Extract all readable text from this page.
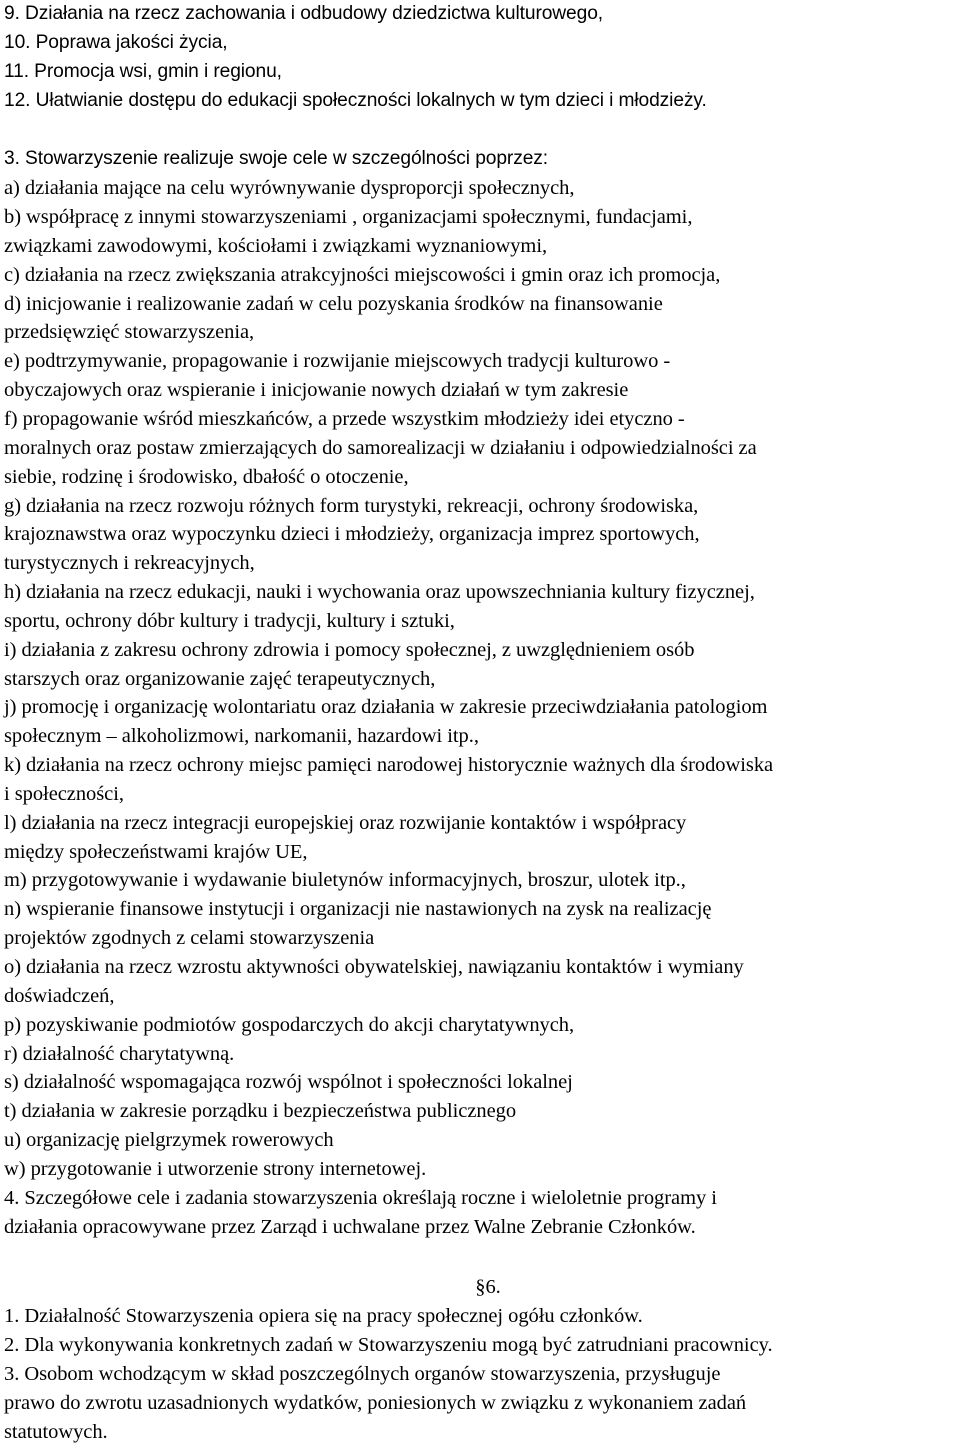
9. Działania na rzecz zachowania i odbudowy dziedzictwa kulturowego,
10. Poprawa jakości życia,
11. Promocja wsi, gmin i regionu,
12. Ułatwianie dostępu do edukacji społeczności lokalnych w tym dzieci i młodzieży.
3. Stowarzyszenie realizuje swoje cele w szczególności poprzez:
a) działania mające na celu wyrównywanie dysproporcji społecznych,
b) współpracę z innymi stowarzyszeniami , organizacjami społecznymi, fundacjami,
związkami zawodowymi, kościołami i związkami wyznaniowymi,
c) działania na rzecz zwiększania atrakcyjności miejscowości i gmin oraz ich promocja,
d) inicjowanie i realizowanie zadań w celu pozyskania środków na finansowanie
przedsięwzięć stowarzyszenia,
e) podtrzymywanie, propagowanie i rozwijanie miejscowych tradycji kulturowo -
obyczajowych oraz wspieranie i inicjowanie nowych działań w tym zakresie
f) propagowanie wśród mieszkańców, a przede wszystkim młodzieży idei etyczno -
moralnych oraz postaw zmierzających do samorealizacji w działaniu i odpowiedzialności za
siebie, rodzinę i środowisko, dbałość o otoczenie,
g) działania na rzecz rozwoju różnych form turystyki, rekreacji, ochrony środowiska,
krajoznawstwa oraz wypoczynku dzieci i młodzieży, organizacja imprez sportowych,
turystycznych i rekreacyjnych,
h) działania na rzecz edukacji, nauki i wychowania oraz upowszechniania kultury fizycznej,
sportu, ochrony dóbr kultury i tradycji, kultury i sztuki,
i) działania z zakresu ochrony zdrowia i pomocy społecznej, z uwzględnieniem osób
starszych oraz organizowanie zajęć terapeutycznych,
j) promocję i organizację wolontariatu oraz działania w zakresie przeciwdziałania patologiom
społecznym – alkoholizmowi, narkomanii, hazardowi itp.,
k) działania na rzecz ochrony miejsc pamięci narodowej historycznie ważnych dla środowiska
i społeczności,
l) działania na rzecz integracji europejskiej oraz rozwijanie kontaktów i współpracy
między społeczeństwami krajów UE,
m) przygotowywanie i wydawanie biuletynów informacyjnych, broszur, ulotek itp.,
n) wspieranie finansowe instytucji i organizacji nie nastawionych na zysk na realizację
projektów zgodnych z celami stowarzyszenia
o) działania na rzecz wzrostu aktywności obywatelskiej, nawiązaniu kontaktów i wymiany
doświadczeń,
p) pozyskiwanie podmiotów gospodarczych do akcji charytatywnych,
r) działalność charytatywną.
s) działalność wspomagająca rozwój wspólnot i społeczności lokalnej
t) działania w zakresie porządku i bezpieczeństwa publicznego
u) organizację pielgrzymek rowerowych
w) przygotowanie i utworzenie strony internetowej.
4. Szczegółowe cele i zadania stowarzyszenia określają roczne i wieloletnie programy i
działania opracowywane przez Zarząd i uchwalane przez Walne Zebranie Członków.
§6.
1. Działalność Stowarzyszenia opiera się na pracy społecznej ogółu członków.
2. Dla wykonywania konkretnych zadań w Stowarzyszeniu mogą być zatrudniani pracownicy.
3. Osobom wchodzącym w skład poszczególnych organów stowarzyszenia, przysługuje
prawo do zwrotu uzasadnionych wydatków, poniesionych w związku z wykonaniem zadań
statutowych.
